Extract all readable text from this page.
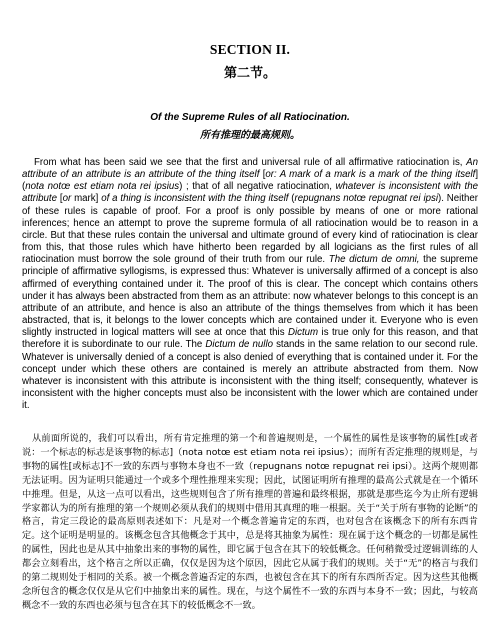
SECTION II.
第二节。
Of the Supreme Rules of all Ratiocination.
所有推理的最高规则。

From what has been said we see that the first and universal rule of all affirmative ratiocination is, An attribute of an attribute is an attribute of the thing itself [or: A mark of a mark is a mark of the thing itself] (nota notœ est etiam nota rei ipsius) ; that of all negative ratiocination, whatever is inconsistent with the attribute [or mark] of a thing is inconsistent with the thing itself (repugnans notœ repugnat rei ipsi). Neither of these rules is capable of proof. For a proof is only possible by means of one or more rational inferences; hence an attempt to prove the supreme formula of all ratiocination would be to reason in a circle. But that these rules contain the universal and ultimate ground of every kind of ratiocination is clear from this, that those rules which have hitherto been regarded by all logicians as the first rules of all ratiocination must borrow the sole ground of their truth from our rule. The dictum de omni, the supreme principle of affirmative syllogisms, is expressed thus: Whatever is universally affirmed of a concept is also affirmed of everything contained under it. The proof of this is clear. The concept which contains others under it has always been abstracted from them as an attribute: now whatever belongs to this concept is an attribute of an attribute, and hence is also an attribute of the things themselves from which it has been abstracted, that is, it belongs to the lower concepts which are contained under it. Everyone who is even slightly instructed in logical matters will see at once that this Dictum is true only for this reason, and that therefore it is subordinate to our rule. The Dictum de nullo stands in the same relation to our second rule. Whatever is universally denied of a concept is also denied of everything that is contained under it. For the concept under which these others are contained is merely an attribute abstracted from them. Now whatever is inconsistent with this attribute is inconsistent with the thing itself; consequently, whatever is inconsistent with the higher concepts must also be inconsistent with the lower which are contained under it.

从前面所说的，我们可以看出，所有肯定推理的第一个和普遍规则是，一个属性的属性是该事物的属性[或者说：一个标志的标志是该事物的标志]（nota notœ est etiam nota rei ipsius）；而所有否定推理的规则是，与事物的属性[或标志]不一致的东西与事物本身也不一致（repugnans notœ repugnat rei ipsi）。这两个规则都无法证明。因为证明只能通过一个或多个理性推理来实现；因此，试图证明所有推理的最高公式就是在一个循环中推理。但是，从这一点可以看出，这些规则包含了所有推理的普遍和最终根据，那就是那些迄今为止所有逻辑学家都认为的所有推理的第一个规则必须从我们的规则中借用其真理的唯一根据。关于“关于所有事物的论断”的格言，肯定三段论的最高原则表述如下：凡是对一个概念普遍肯定的东西，也对包含在该概念下的所有东西肯定。这个证明是明显的。该概念包含其他概念于其中，总是将其抽象为属性：现在属于这个概念的一切都是属性的属性，因此也是从其中抽象出来的事物的属性，即它属于包含在其下的较低概念。任何稍微受过逻辑训练的人都会立刻看出，这个格言之所以正确，仅仅是因为这个原因，因此它从属于我们的规则。关于“无”的格言与我们的第二规则处于相同的关系。被一个概念普遍否定的东西，也被包含在其下的所有东西所否定。因为这些其他概念所包含的概念仅仅是从它们中抽象出来的属性。现在，与这个属性不一致的东西与本身不一致；因此，与较高概念不一致的东西也必须与包含在其下的较低概念不一致。
